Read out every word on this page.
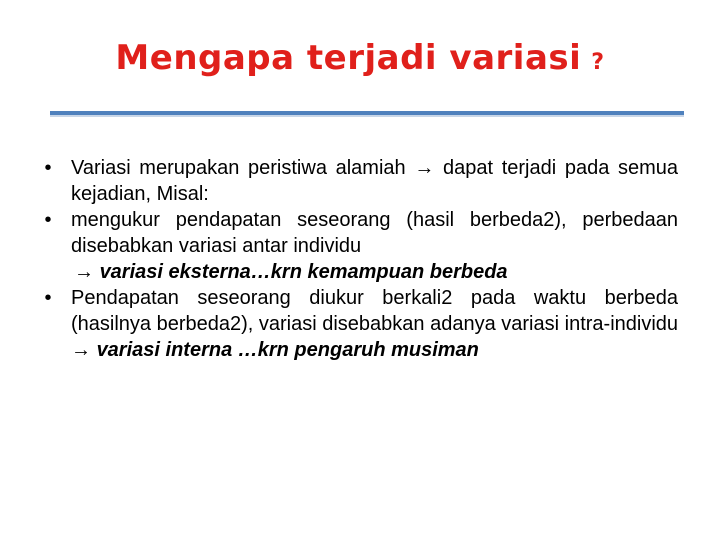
Mengapa terjadi variasi ?
• Variasi merupakan peristiwa alamiah → dapat terjadi pada semua kejadian, Misal:
• mengukur pendapatan seseorang (hasil berbeda2), perbedaan disebabkan variasi antar individu
→ variasi eksterna…krn kemampuan berbeda
• Pendapatan seseorang diukur berkali2 pada waktu berbeda (hasilnya berbeda2), variasi disebabkan adanya variasi intra-individu → variasi interna …krn pengaruh musiman
